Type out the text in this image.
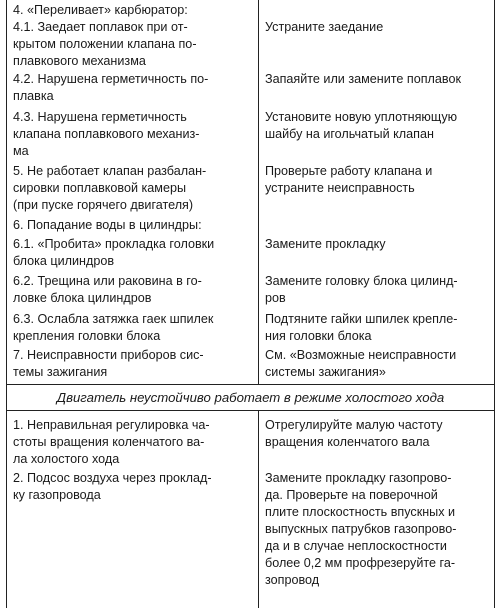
4. «Переливает» карбюратор:
4.1. Заедает поплавок при от-
крытом положении клапана по-
плавкового механизма
Устраните заедание
4.2. Нарушена герметичность по-
плавка
Запаяйте или замените поплавок
4.3. Нарушена герметичность
клапана поплавкового механиз-
ма
Установите новую уплотняющую
шайбу на игольчатый клапан
5. Не работает клапан разбалан-
сировки поплавковой камеры
(при пуске горячего двигателя)
Проверьте работу клапана и
устраните неисправность
6. Попадание воды в цилиндры:
6.1. «Пробита» прокладка головки
блока цилиндров
Замените прокладку
6.2. Трещина или раковина в го-
ловке блока цилиндров
Замените головку блока цилинд-
ров
6.3. Ослабла затяжка гаек шпилек
крепления головки блока
Подтяните гайки шпилек крепле-
ния головки блока
7. Неисправности приборов сис-
темы зажигания
См. «Возможные неисправности
системы зажигания»
Двигатель неустойчиво работает в режиме холостого хода
1. Неправильная регулировка ча-
стоты вращения коленчатого ва-
ла холостого хода
Отрегулируйте малую частоту
вращения коленчатого вала
2. Подсос воздуха через проклад-
ку газопровода
Замените прокладку газопрово-
да. Проверьте на поверочной
плите плоскостность впускных и
выпускных патрубков газопрово-
да и в случае неплоскостности
более 0,2 мм профрезеруйте га-
зопровод
